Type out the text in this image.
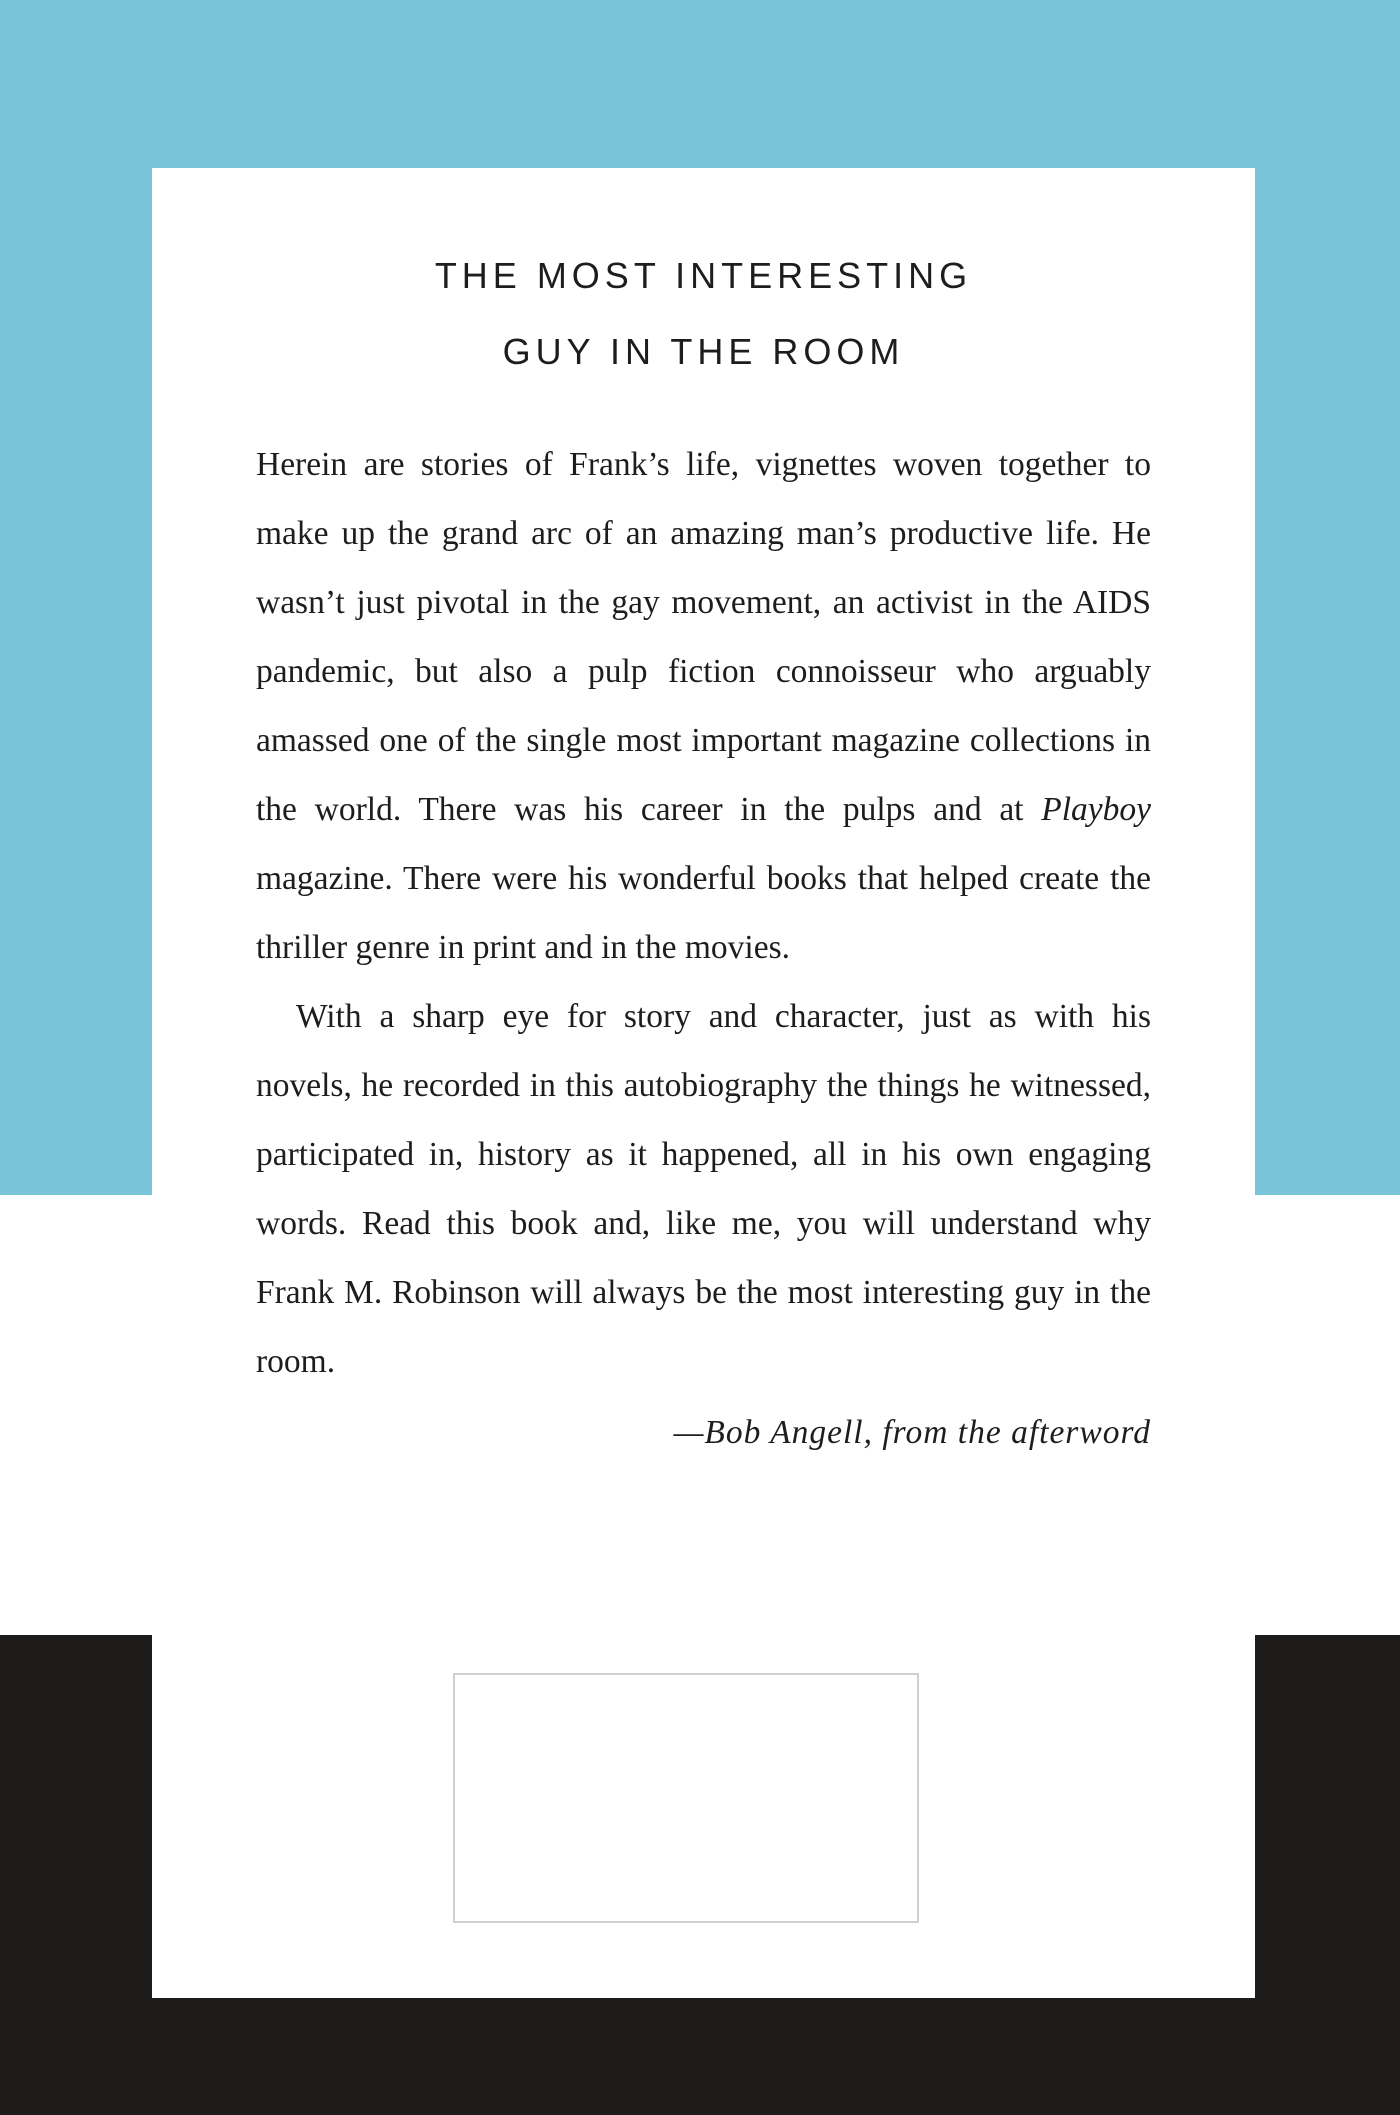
THE MOST INTERESTING
GUY IN THE ROOM

Herein are stories of Frank’s life, vignettes woven together to make up the grand arc of an amazing man’s productive life. He wasn’t just pivotal in the gay movement, an activist in the AIDS pandemic, but also a pulp fiction connoisseur who arguably amassed one of the single most important magazine collections in the world. There was his career in the pulps and at Playboy magazine. There were his wonderful books that helped create the thriller genre in print and in the movies.

With a sharp eye for story and character, just as with his novels, he recorded in this autobiography the things he witnessed, participated in, history as it happened, all in his own engaging words. Read this book and, like me, you will understand why Frank M. Robinson will always be the most interesting guy in the room.

—Bob Angell, from the afterword
